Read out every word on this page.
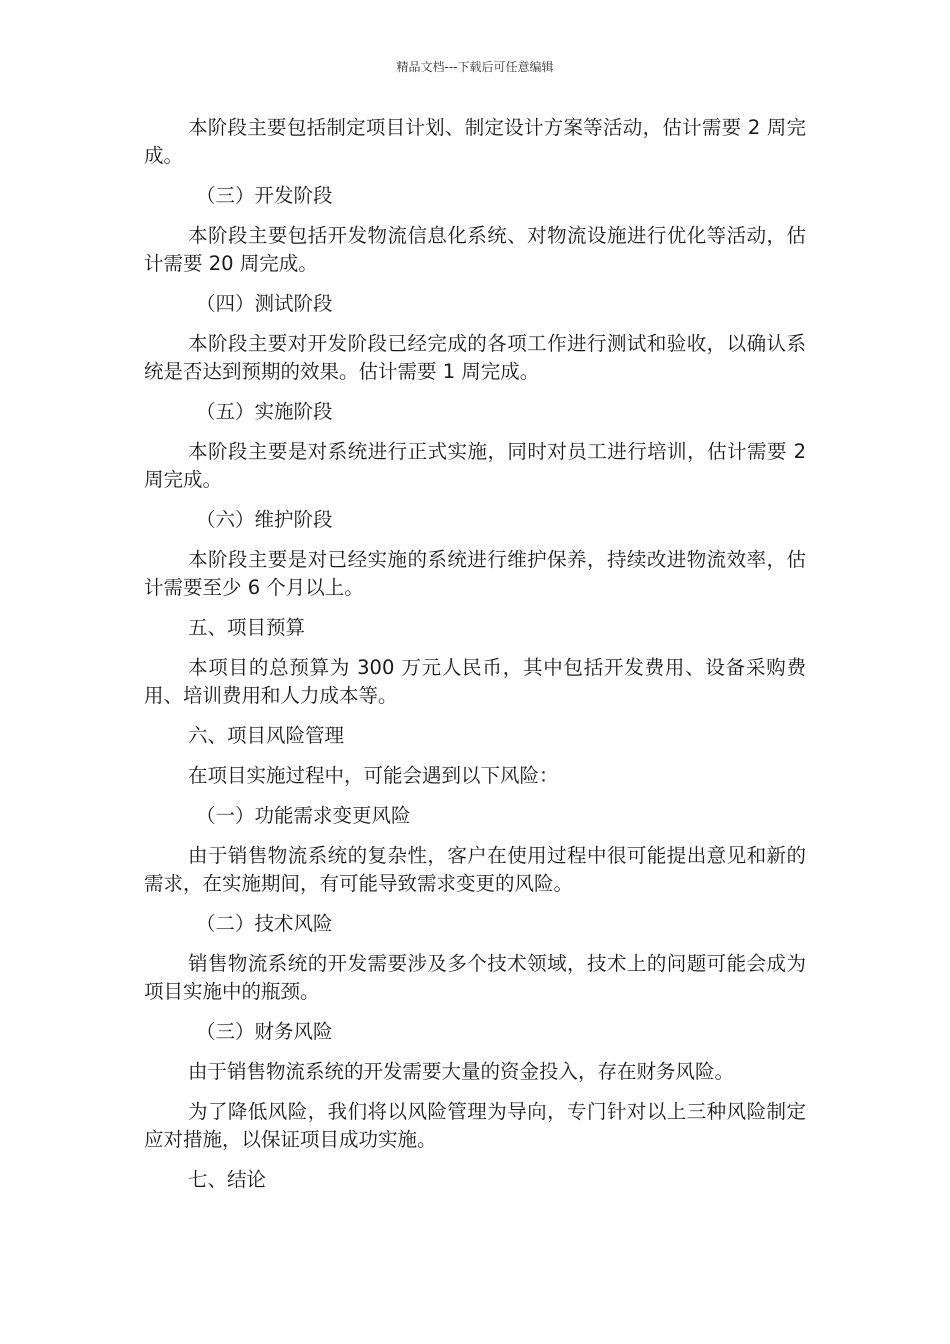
精品文档---下载后可任意编辑

本阶段主要包括制定项目计划、制定设计方案等活动，估计需要 2 周完成。

（三）开发阶段

本阶段主要包括开发物流信息化系统、对物流设施进行优化等活动，估计需要 20 周完成。

（四）测试阶段

本阶段主要对开发阶段已经完成的各项工作进行测试和验收，以确认系统是否达到预期的效果。估计需要 1 周完成。

（五）实施阶段

本阶段主要是对系统进行正式实施，同时对员工进行培训，估计需要 2 周完成。

（六）维护阶段

本阶段主要是对已经实施的系统进行维护保养，持续改进物流效率，估计需要至少 6 个月以上。

五、项目预算

本项目的总预算为 300 万元人民币，其中包括开发费用、设备采购费用、培训费用和人力成本等。

六、项目风险管理

在项目实施过程中，可能会遇到以下风险：

（一）功能需求变更风险

由于销售物流系统的复杂性，客户在使用过程中很可能提出意见和新的需求，在实施期间，有可能导致需求变更的风险。

（二）技术风险

销售物流系统的开发需要涉及多个技术领域，技术上的问题可能会成为项目实施中的瓶颈。

（三）财务风险

由于销售物流系统的开发需要大量的资金投入，存在财务风险。

为了降低风险，我们将以风险管理为导向，专门针对以上三种风险制定应对措施，以保证项目成功实施。

七、结论
